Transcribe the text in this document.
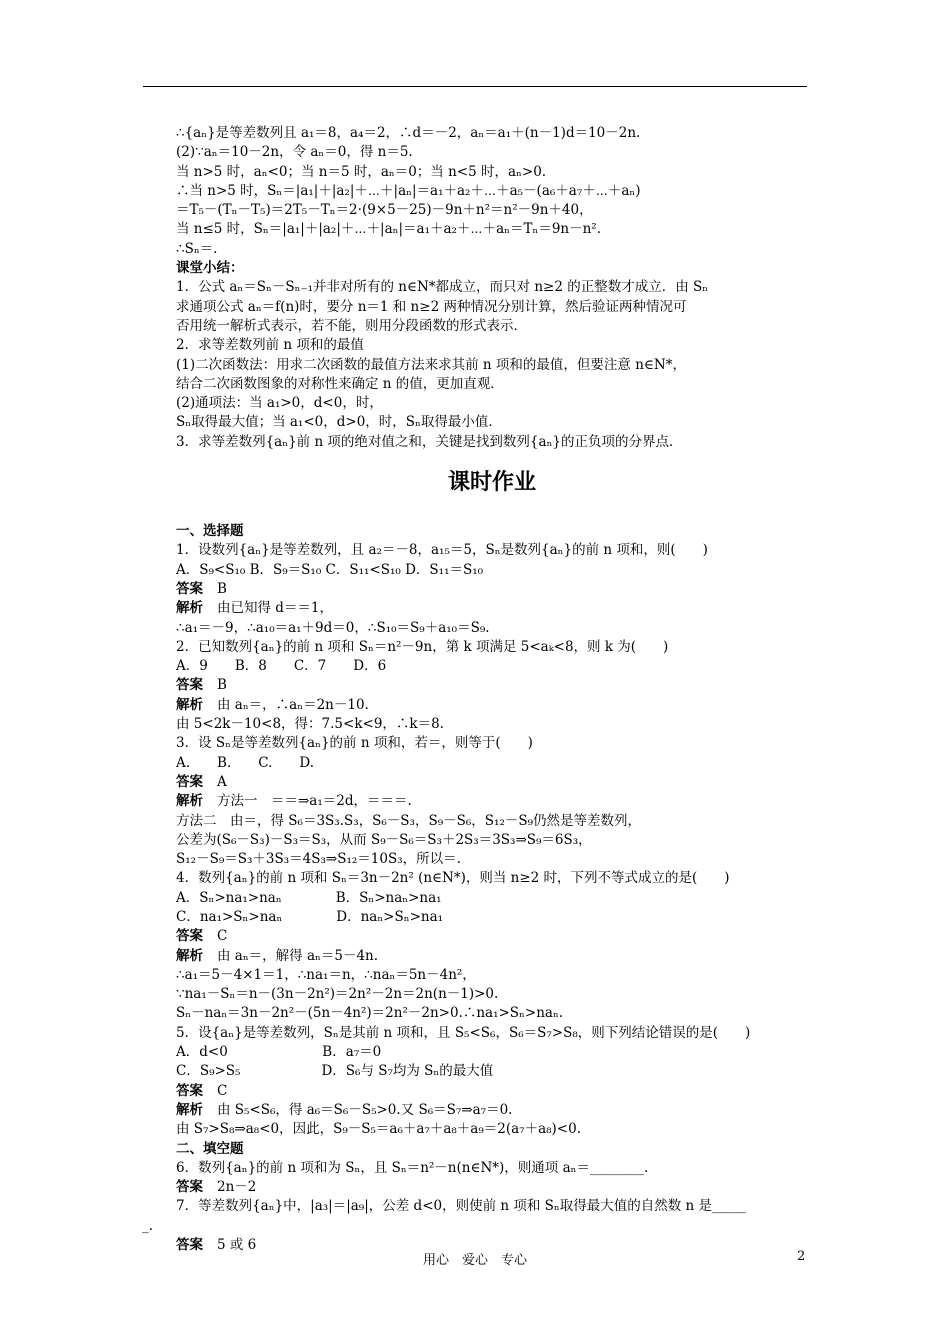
∴{aₙ}是等差数列且 a₁＝8，a₄＝2，∴d＝－2，aₙ＝a₁＋(n－1)d＝10－2n.
(2)∵aₙ＝10－2n，令 aₙ＝0，得 n＝5.
当 n>5 时，aₙ<0；当 n＝5 时，aₙ＝0；当 n<5 时，aₙ>0.
∴当 n>5 时，Sₙ＝|a₁|＋|a₂|＋⋯＋|aₙ|＝a₁＋a₂＋⋯＋a₅－(a₆＋a₇＋⋯＋aₙ)
＝T₅－(Tₙ－T₅)＝2T₅－Tₙ＝2·(9×5－25)－9n＋n²＝n²－9n＋40，
当 n≤5 时，Sₙ＝|a₁|＋|a₂|＋⋯＋|aₙ|＝a₁＋a₂＋⋯＋aₙ＝Tₙ＝9n－n².
∴Sₙ＝.
课堂小结：
1．公式 aₙ＝Sₙ－Sₙ₋₁并非对所有的 n∈N*都成立，而只对 n≥2 的正整数才成立．由 Sₙ
求通项公式 aₙ＝f(n)时，要分 n＝1 和 n≥2 两种情况分别计算，然后验证两种情况可
否用统一解析式表示，若不能，则用分段函数的形式表示．
2．求等差数列前 n 项和的最值
(1)二次函数法：用求二次函数的最值方法来求其前 n 项和的最值，但要注意 n∈N*，
结合二次函数图象的对称性来确定 n 的值，更加直观．
(2)通项法：当 a₁>0，d<0，时，
Sₙ取得最大值；当 a₁<0，d>0，时，Sₙ取得最小值．
3．求等差数列{aₙ}前 n 项的绝对值之和，关键是找到数列{aₙ}的正负项的分界点．
课时作业
一、选择题
1．设数列{aₙ}是等差数列，且 a₂＝－8，a₁₅＝5，Sₙ是数列{aₙ}的前 n 项和，则(　　)
A．S₉<S₁₀ B．S₉＝S₁₀ C．S₁₁<S₁₀ D．S₁₁＝S₁₀
答案 B
解析 由已知得 d＝＝1，
∴a₁＝－9，∴a₁₀＝a₁＋9d＝0，∴S₁₀＝S₉＋a₁₀＝S₉.
2．已知数列{aₙ}的前 n 项和 Sₙ＝n²－9n，第 k 项满足 5<aₖ<8，则 k 为(　　)
A．9　　B．8　　C．7　　D．6
答案 B
解析 由 aₙ＝，∴aₙ＝2n－10.
由 5<2k－10<8，得：7.5<k<9，∴k＝8.
3．设 Sₙ是等差数列{aₙ}的前 n 项和，若＝，则等于(　　)
A.　　B.　　C.　　D.
答案 A
解析 方法一　＝＝⇒a₁＝2d，＝＝＝.
方法二　由＝，得 S₆＝3S₃.S₃，S₆－S₃，S₉－S₆，S₁₂－S₉仍然是等差数列，
公差为(S₆－S₃)－S₃＝S₃，从而 S₉－S₆＝S₃＋2S₃＝3S₃⇒S₉＝6S₃，
S₁₂－S₉＝S₃＋3S₃＝4S₃⇒S₁₂＝10S₃，所以＝.
4．数列{aₙ}的前 n 项和 Sₙ＝3n－2n² (n∈N*)，则当 n≥2 时，下列不等式成立的是(　　)
A．Sₙ>na₁>naₙ　　　　B．Sₙ>naₙ>na₁
C．na₁>Sₙ>naₙ　　　　D．naₙ>Sₙ>na₁
答案 C
解析 由 aₙ＝，解得 aₙ＝5－4n.
∴a₁＝5－4×1＝1，∴na₁＝n，∴naₙ＝5n－4n²，
∵na₁－Sₙ＝n－(3n－2n²)＝2n²－2n＝2n(n－1)>0.
Sₙ－naₙ＝3n－2n²－(5n－4n²)＝2n²－2n>0.∴na₁>Sₙ>naₙ.
5．设{aₙ}是等差数列，Sₙ是其前 n 项和，且 S₅<S₆，S₆＝S₇>S₈，则下列结论错误的是(　　)
A．d<0　　　　　　　B．a₇＝0
C．S₉>S₅　　　　　　D．S₆与 S₇均为 Sₙ的最大值
答案 C
解析 由 S₅<S₆，得 a₆＝S₆－S₅>0.又 S₆＝S₇⇒a₇＝0.
由 S₇>S₈⇒a₈<0，因此，S₉－S₅＝a₆＋a₇＋a₈＋a₉＝2(a₇＋a₈)<0.
二、填空题
6．数列{aₙ}的前 n 项和为 Sₙ，且 Sₙ＝n²－n(n∈N*)，则通项 aₙ＝________.
答案 2n－2
7．等差数列{aₙ}中，|a₃|＝|a₉|，公差 d<0，则使前 n 项和 Sₙ取得最大值的自然数 n 是_____
_.
答案 5 或 6
用心　爱心　专心	2
